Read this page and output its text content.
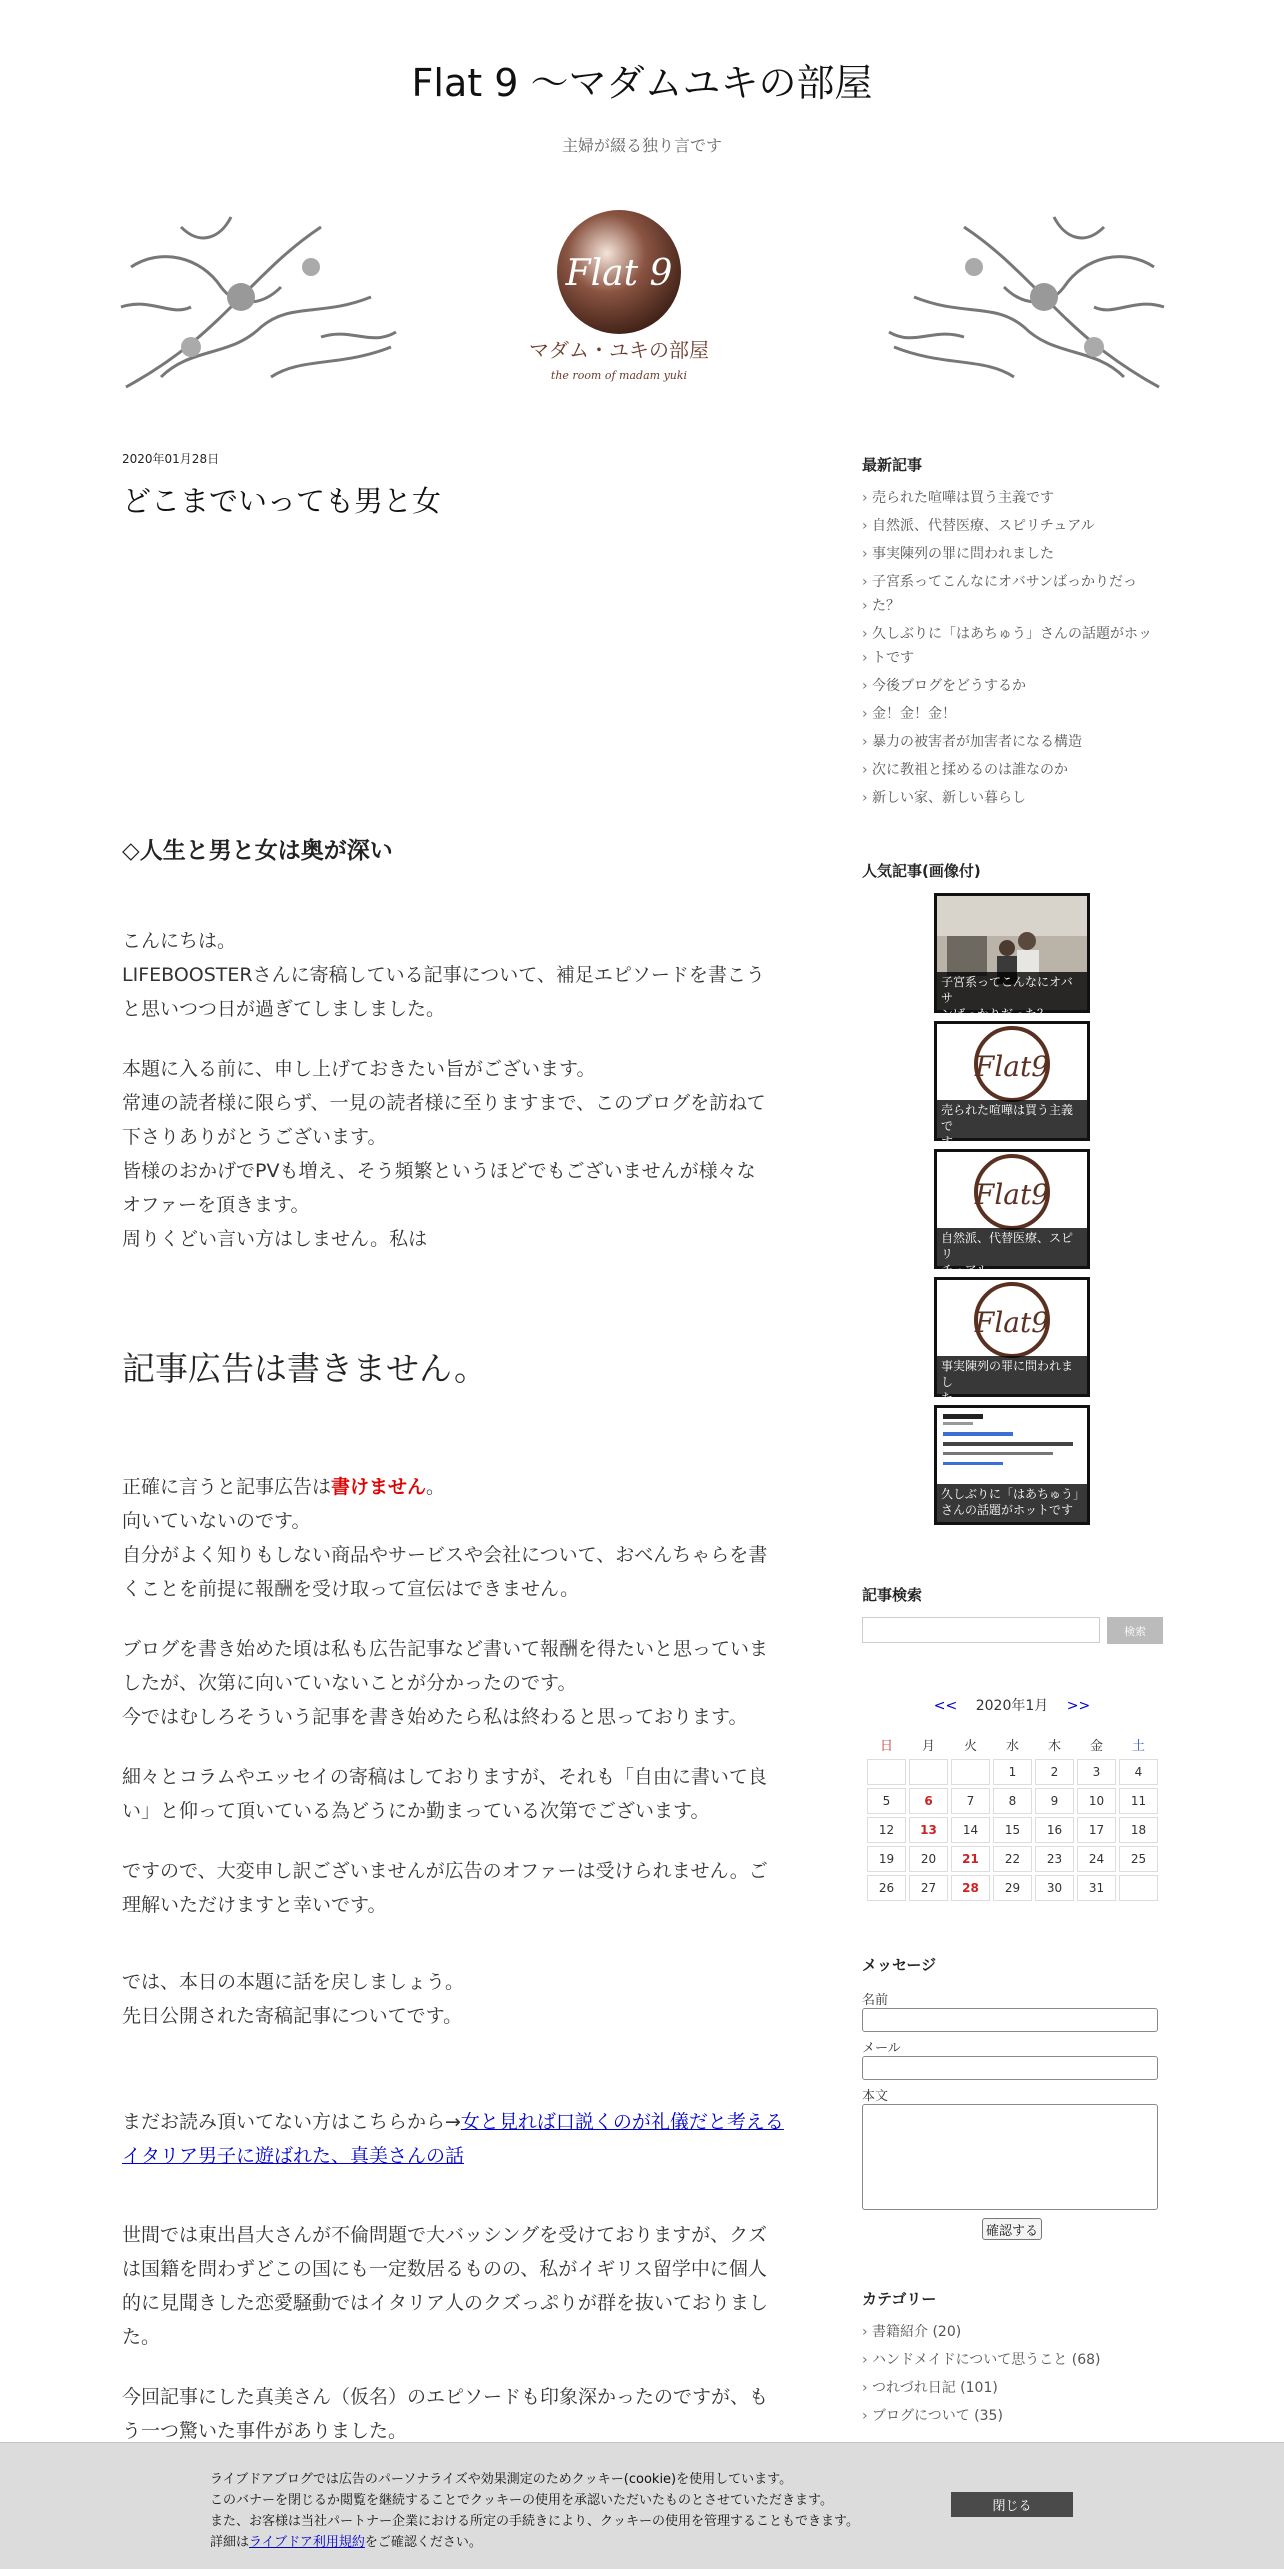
Flat 9 〜マダムユキの部屋
主婦が綴る独り言です
Flat 9
マダム・ユキの部屋
the room of madam yuki
2020年01月28日
どこまでいっても男と女
◇人生と男と女は奥が深い
こんにちは。
LIFEBOOSTERさんに寄稿している記事について、補足エピソードを書こう
と思いつつ日が過ぎてしましました。
本題に入る前に、申し上げておきたい旨がございます。
常連の読者様に限らず、一見の読者様に至りますまで、このブログを訪ねて
下さりありがとうございます。
皆様のおかげでPVも増え、そう頻繁というほどでもございませんが様々な
オファーを頂きます。
周りくどい言い方はしません。私は
記事広告は書きません。
正確に言うと記事広告は書けません。
向いていないのです。
自分がよく知りもしない商品やサービスや会社について、おべんちゃらを書
くことを前提に報酬を受け取って宣伝はできません。
ブログを書き始めた頃は私も広告記事など書いて報酬を得たいと思っていま
したが、次第に向いていないことが分かったのです。
今ではむしろそういう記事を書き始めたら私は終わると思っております。
細々とコラムやエッセイの寄稿はしておりますが、それも「自由に書いて良
い」と仰って頂いている為どうにか勤まっている次第でございます。
ですので、大変申し訳ございませんが広告のオファーは受けられません。ご
理解いただけますと幸いです。
では、本日の本題に話を戻しましょう。
先日公開された寄稿記事についてです。
まだお読み頂いてない方はこちらから→女と見れば口説くのが礼儀だと考える
イタリア男子に遊ばれた、真美さんの話
世間では東出昌大さんが不倫問題で大バッシングを受けておりますが、クズ
は国籍を問わずどこの国にも一定数居るものの、私がイギリス留学中に個人
的に見聞きした恋愛騒動ではイタリア人のクズっぷりが群を抜いておりまし
た。
今回記事にした真美さん（仮名）のエピソードも印象深かったのですが、も
う一つ驚いた事件がありました。
最新記事
› 売られた喧嘩は買う主義です
› 自然派、代替医療、スピリチュアル
› 事実陳列の罪に問われました
› 子宮系ってこんなにオバサンばっかりだっ
› た？
› 久しぶりに「はあちゅう」さんの話題がホッ
› トです
› 今後ブログをどうするか
› 金！金！金！
› 暴力の被害者が加害者になる構造
› 次に教祖と揉めるのは誰なのか
› 新しい家、新しい暮らし
人気記事(画像付)
子宮系ってこんなにオバサ
ンばっかりだった？
Flat9
売られた喧嘩は買う主義で
す
Flat9
自然派、代替医療、スピリ
チュアル
Flat9
事実陳列の罪に問われまし
た
久しぶりに「はあちゅう」
さんの話題がホットです
記事検索
検索
<< 2020年1月 >>
日	月	火	水	木	金	土
			1	2	3	4
5	6	7	8	9	10	11
12	13	14	15	16	17	18
19	20	21	22	23	24	25
26	27	28	29	30	31	
メッセージ
名前
メール
本文
確認する
カテゴリー
› 書籍紹介 (20)
› ハンドメイドについて思うこと (68)
› つれづれ日記 (101)
› ブログについて (35)
ライブドアブログでは広告のパーソナライズや効果測定のためクッキー(cookie)を使用しています。
このバナーを閉じるか閲覧を継続することでクッキーの使用を承認いただいたものとさせていただきます。
また、お客様は当社パートナー企業における所定の手続きにより、クッキーの使用を管理することもできます。
詳細はライブドア利用規約をご確認ください。
閉じる
